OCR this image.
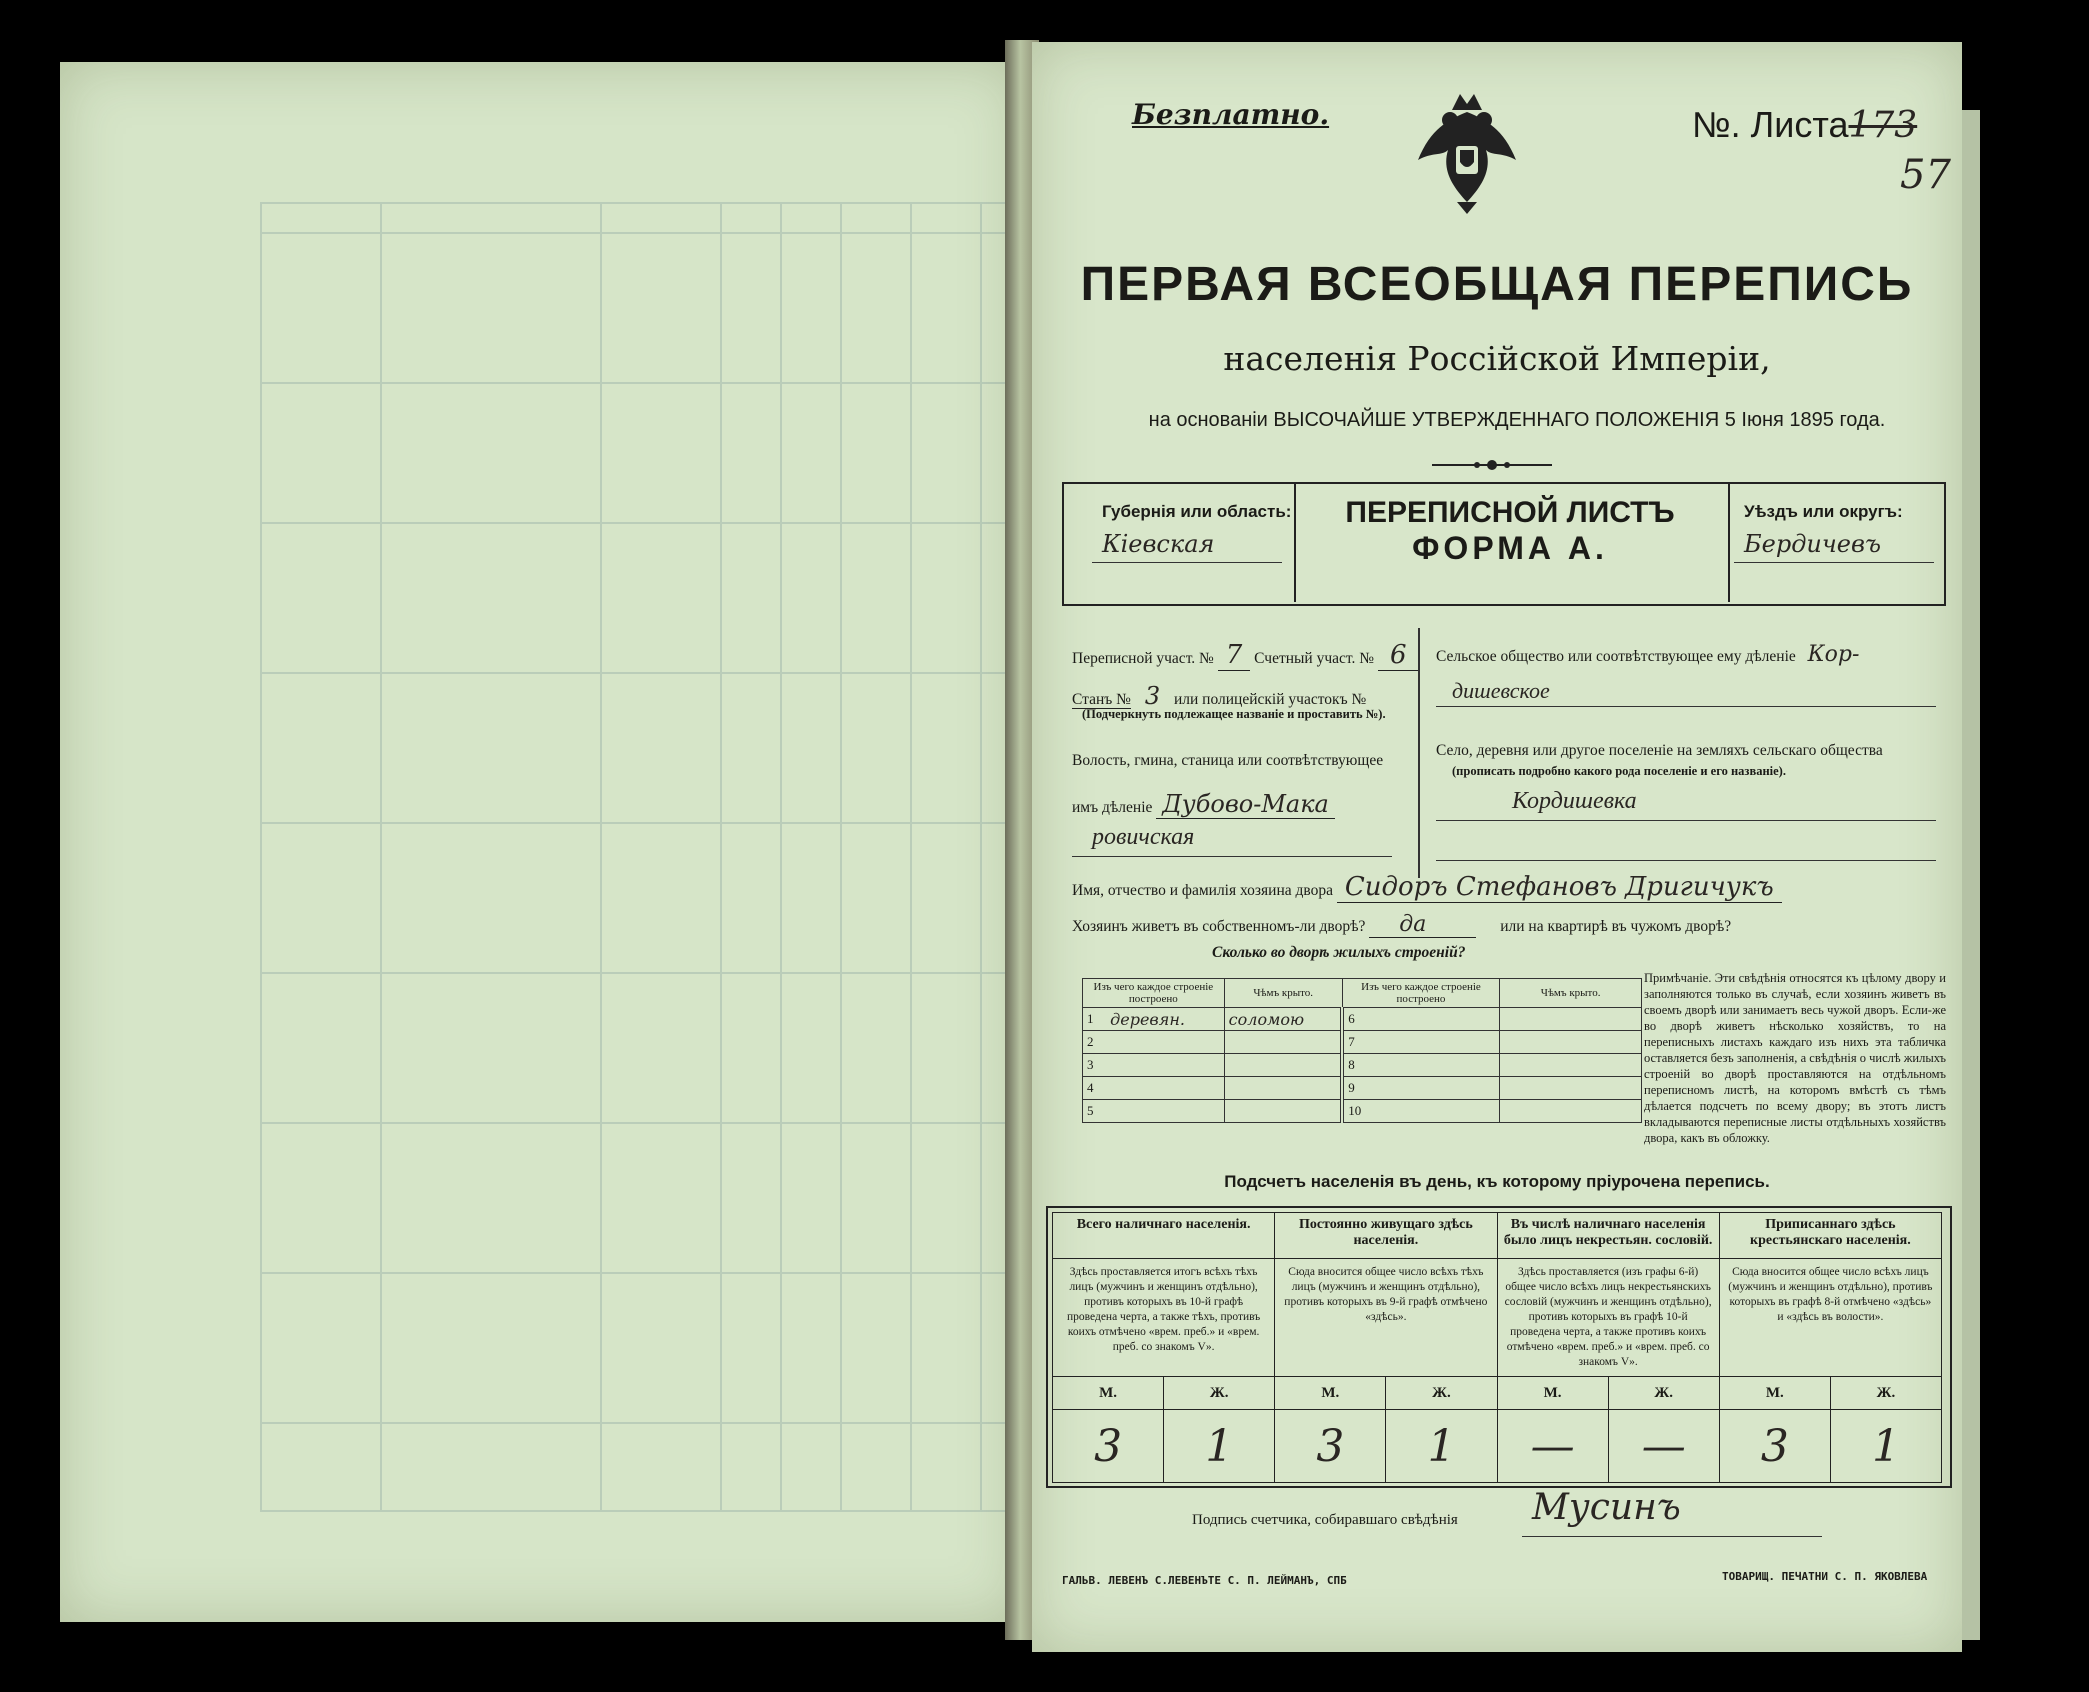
Безплатно.	№. Листа173
57
ПЕРВАЯ ВСЕОБЩАЯ ПЕРЕПИСЬ
населенія Россійской Имперіи,
на основаніи ВЫСОЧАЙШЕ УТВЕРЖДЕННАГО ПОЛОЖЕНІЯ 5 Іюня 1895 года.
Губернія или область:
Кіевская
ПЕРЕПИСНОЙ ЛИСТЪ
ФОРМА А.
Уѣздъ или округъ:
Бердичевъ
Переписной участ. № 7 Счетный участ. № 6
Станъ № 3 или полицейскій участокъ №
(Подчеркнуть подлежащее названіе и проставить №).
Волость, гмина, станица или соотвѣтствующее
имъ дѣленіе Дубово-Мака
ровичская
Сельское общество или соотвѣтствующее ему дѣленіе Кор-
дишевское
Село, деревня или другое поселеніе на земляхъ сельскаго общества
(прописать подробно какого рода поселеніе и его названіе).
Кордишевка
Имя, отчество и фамилія хозяина двора Сидоръ Стефановъ Дригичукъ
Хозяинъ живетъ въ собственномъ-ли дворѣ? да	или на квартирѣ въ чужомъ дворѣ?
Сколько во дворѣ жилыхъ строеній?
Изъ чего каждое строеніе построено		Чѣмъ крыто.	Изъ чего каждое строеніе построено		Чѣмъ крыто.
1	деревян.	соломою	6		
2			7		
3			8		
4			9		
5			10		
Примѣчаніе. Эти свѣдѣнія относятся къ цѣлому двору и заполняются только въ случаѣ, если хозяинъ живетъ въ своемъ дворѣ или занимаетъ весь чужой дворъ. Если-же во дворѣ живетъ нѣсколько хозяйствъ, то на переписныхъ листахъ каждаго изъ нихъ эта табличка оставляется безъ заполненія, а свѣдѣнія о числѣ жилыхъ строеній во дворѣ проставляются на отдѣльномъ переписномъ листѣ, на которомъ вмѣстѣ съ тѣмъ дѣлается подсчетъ по всему двору; въ этотъ листъ вкладываются переписные листы отдѣльныхъ хозяйствъ двора, какъ въ обложку.
Подсчетъ населенія въ день, къ которому пріурочена перепись.
Всего наличнаго населенія.		Постоянно живущаго здѣсь населенія.		Въ числѣ наличнаго населенія было лицъ некрестьян. сословій.		Приписаннаго здѣсь крестьянскаго населенія.	
Здѣсь проставляется итогъ всѣхъ тѣхъ лицъ (мужчинъ и женщинъ отдѣльно), противъ которыхъ въ 10-й графѣ проведена черта, а также тѣхъ, противъ коихъ отмѣчено «врем. преб.» и «врем. преб. со знакомъ V».		Сюда вносится общее число всѣхъ тѣхъ лицъ (мужчинъ и женщинъ отдѣльно), противъ которыхъ въ 9-й графѣ отмѣчено «здѣсь».		Здѣсь проставляется (изъ графы 6-й) общее число всѣхъ лицъ некрестьянскихъ сословій (мужчинъ и женщинъ отдѣльно), противъ которыхъ въ графѣ 10-й проведена черта, а также противъ коихъ отмѣчено «врем. преб.» и «врем. преб. со знакомъ V».		Сюда вносится общее число всѣхъ лицъ (мужчинъ и женщинъ отдѣльно), противъ которыхъ въ графѣ 8-й отмѣчено «здѣсь» и «здѣсь въ волости».	
М.	Ж.	М.	Ж.	М.	Ж.	М.	Ж.
3	1	3	1	—	—	3	1
Подпись счетчика, собиравшаго свѣдѣнія Мусинъ
ГАЛЬВ. ЛЕВЕНЪ С.ЛЕВЕНЪТЕ С. П. ЛЕЙМАНЪ, СПБ	ТОВАРИЩ. ПЕЧАТНИ С. П. ЯКОВЛЕВА
